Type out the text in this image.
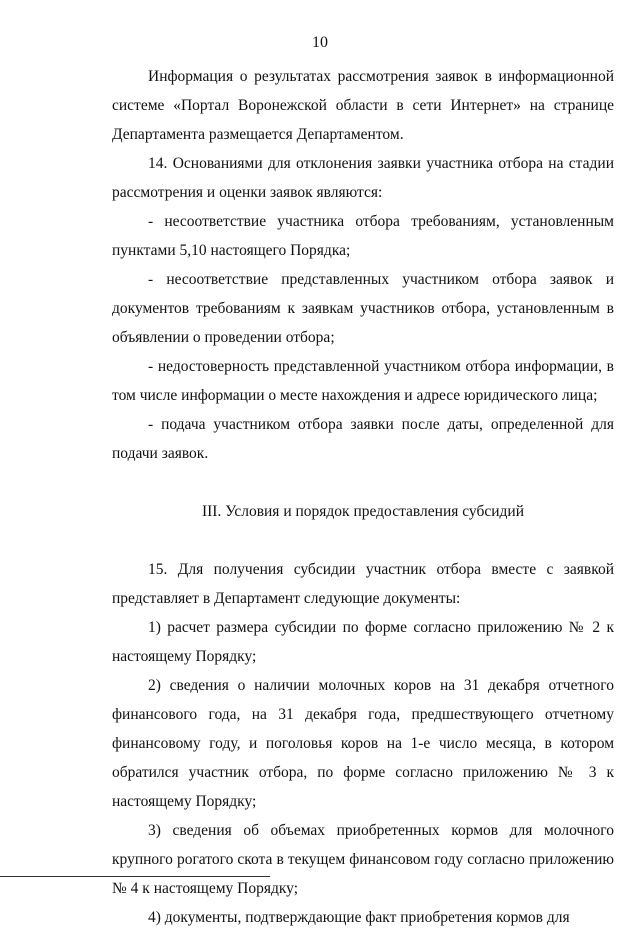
10

Информация о результатах рассмотрения заявок в информационной системе «Портал Воронежской области в сети Интернет» на странице Департамента размещается Департаментом.

14. Основаниями для отклонения заявки участника отбора на стадии рассмотрения и оценки заявок являются:

- несоответствие участника отбора требованиям, установленным пунктами 5,10 настоящего Порядка;

- несоответствие представленных участником отбора заявок и документов требованиям к заявкам участников отбора, установленным в объявлении о проведении отбора;

- недостоверность представленной участником отбора информации, в том числе информации о месте нахождения и адресе юридического лица;

- подача участником отбора заявки после даты, определенной для подачи заявок.

III. Условия и порядок предоставления субсидий

15. Для получения субсидии участник отбора вместе с заявкой представляет в Департамент следующие документы:

1) расчет размера субсидии по форме согласно приложению № 2 к настоящему Порядку;

2) сведения о наличии молочных коров на 31 декабря отчетного финансового года, на 31 декабря года, предшествующего отчетному финансовому году, и поголовья коров на 1-е число месяца, в котором обратился участник отбора, по форме согласно приложению № 3 к настоящему Порядку;

3) сведения об объемах приобретенных кормов для молочного крупного рогатого скота в текущем финансовом году согласно приложению № 4 к настоящему Порядку;

4) документы, подтверждающие факт приобретения кормов для
